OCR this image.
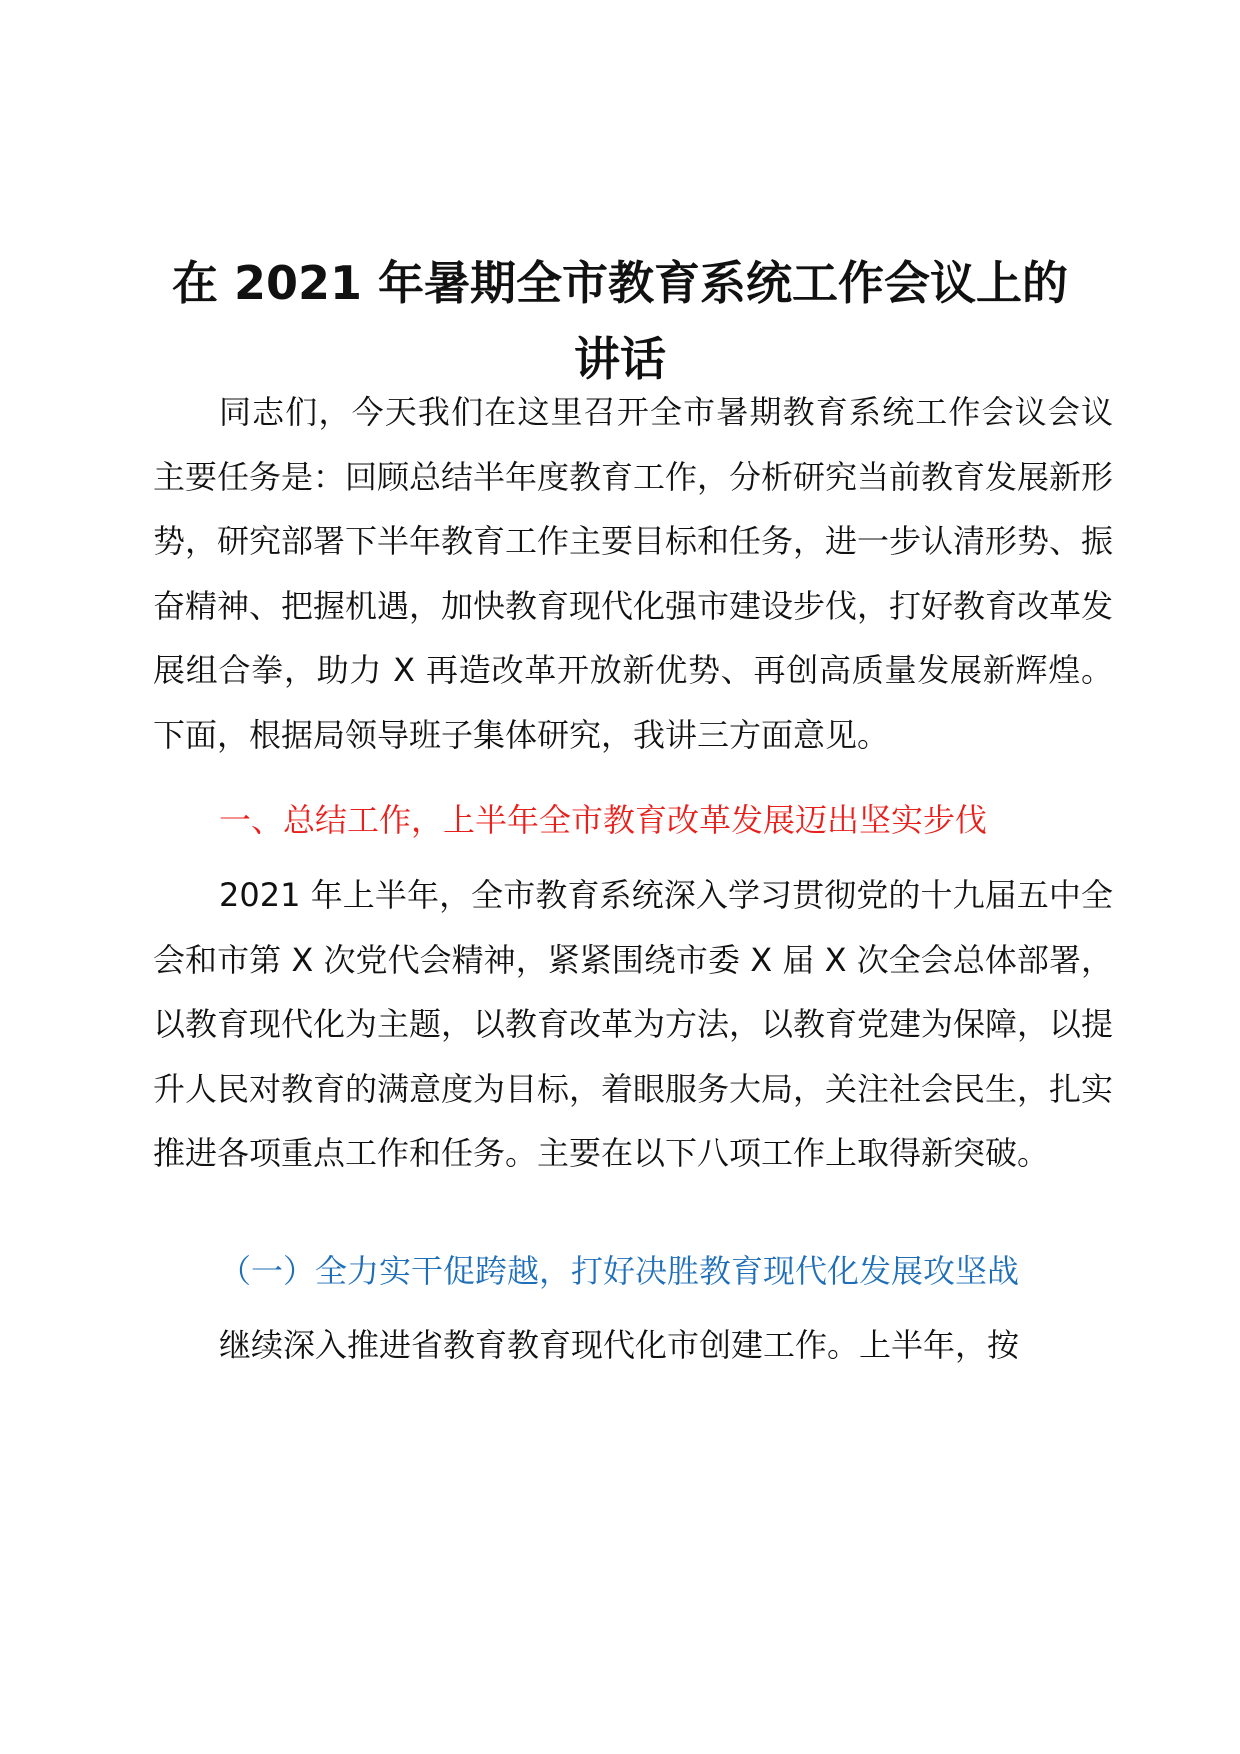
在 2021 年暑期全市教育系统工作会议上的讲话

同志们，今天我们在这里召开全市暑期教育系统工作会议会议主要任务是：回顾总结半年度教育工作，分析研究当前教育发展新形势，研究部署下半年教育工作主要目标和任务，进一步认清形势、振奋精神、把握机遇，加快教育现代化强市建设步伐，打好教育改革发展组合拳，助力 X 再造改革开放新优势、再创高质量发展新辉煌。下面，根据局领导班子集体研究，我讲三方面意见。

一、总结工作，上半年全市教育改革发展迈出坚实步伐

2021 年上半年，全市教育系统深入学习贯彻党的十九届五中全会和市第 X 次党代会精神，紧紧围绕市委 X 届 X 次全会总体部署，以教育现代化为主题，以教育改革为方法，以教育党建为保障，以提升人民对教育的满意度为目标，着眼服务大局，关注社会民生，扎实推进各项重点工作和任务。主要在以下八项工作上取得新突破。

（一）全力实干促跨越，打好决胜教育现代化发展攻坚战

继续深入推进省教育教育现代化市创建工作。上半年，按
